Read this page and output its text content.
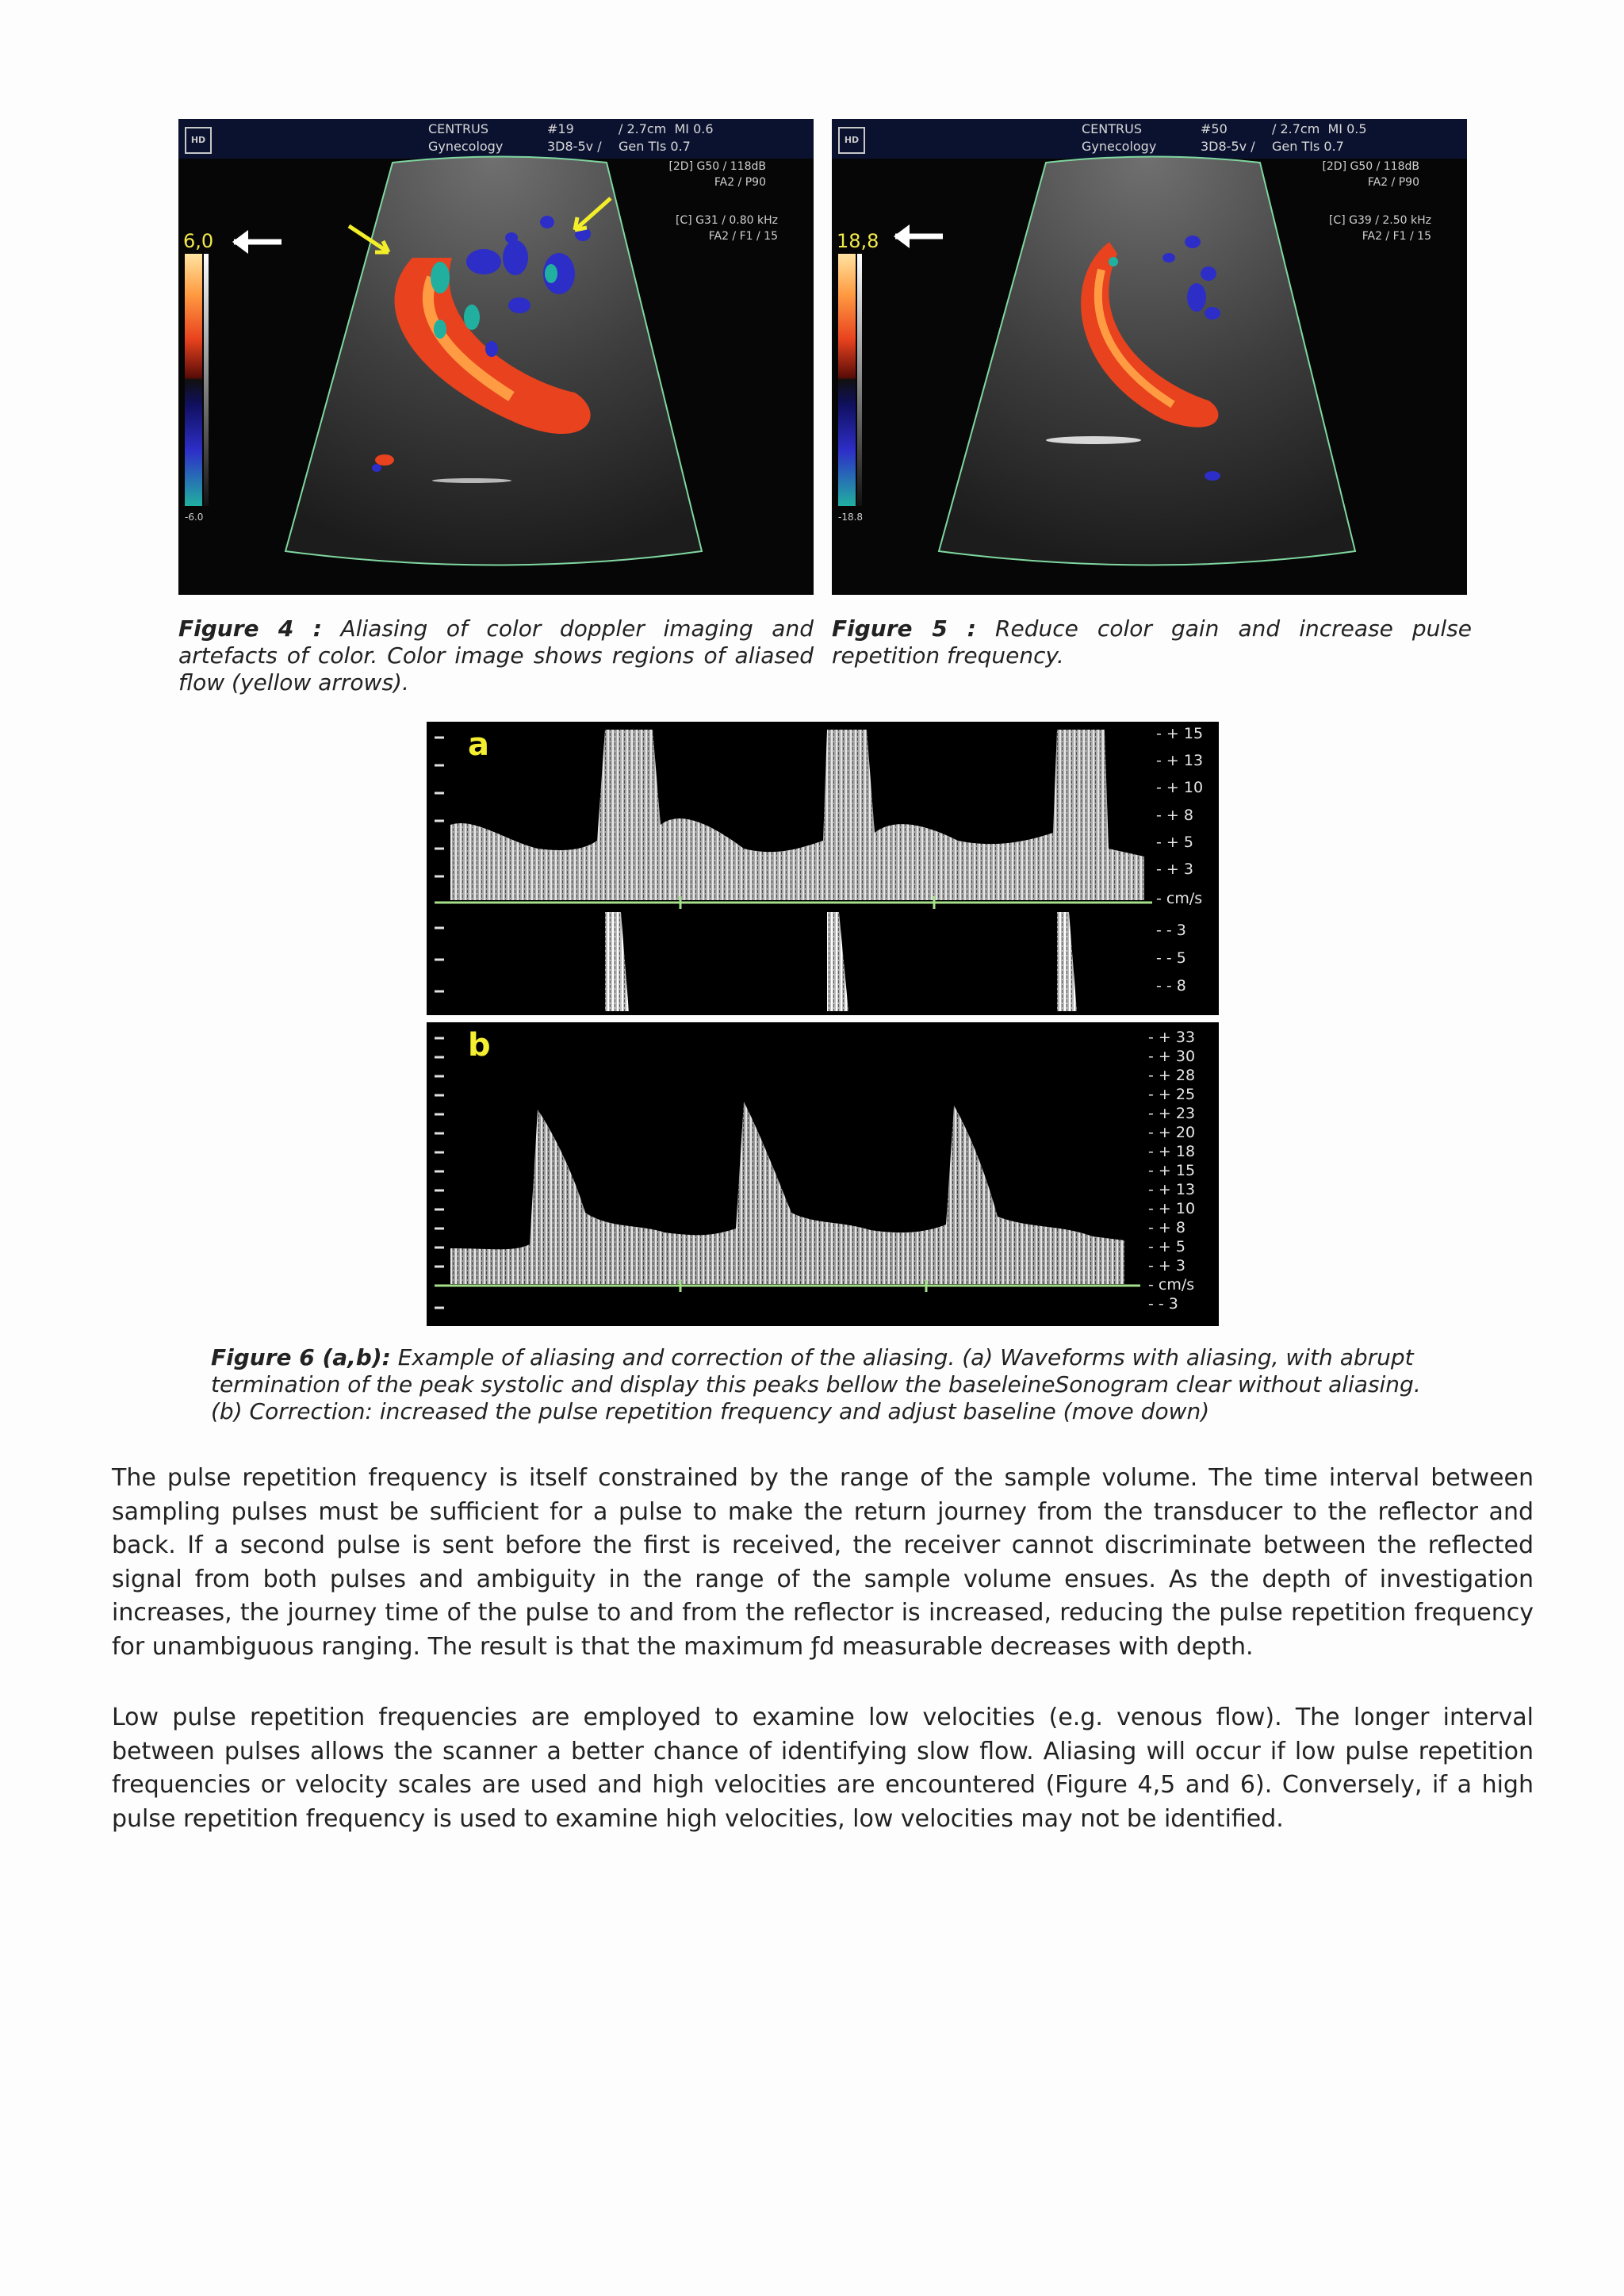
HD
CENTRUS
Gynecology
#19
3D8-5v /
/ 2.7cm  MI 0.6
Gen TIs 0.7
[2D] G50 / 118dB
FA2 / P90
[C] G31 / 0.80 kHz
FA2 / F1 / 15
6,0
-6.0
HD
CENTRUS
Gynecology
#50
3D8-5v /
/ 2.7cm  MI 0.5
Gen TIs 0.7
[2D] G50 / 118dB
FA2 / P90
[C] G39 / 2.50 kHz
FA2 / F1 / 15
18,8
-18.8
Figure 4 : Aliasing of color doppler imaging and artefacts of color. Color image shows regions of aliased flow (yellow arrows).
Figure 5 : Reduce color gain and increase pulse repetition frequency.
a	- + 15
- + 13
- + 10
- + 8
- + 5
- + 3
- cm/s
- - 3
- - 5
- - 8
b	- + 33
- + 30
- + 28
- + 25
- + 23
- + 20
- + 18
- + 15
- + 13
- + 10
- + 8
- + 5
- + 3
- cm/s
- - 3
Figure 6 (a,b): Example of aliasing and correction of the aliasing. (a) Waveforms with aliasing, with abrupt termination of the peak systolic and display this peaks bellow the baseleineSonogram clear without aliasing. (b) Correction: increased the pulse repetition frequency and adjust baseline (move down)

The pulse repetition frequency is itself constrained by the range of the sample volume. The time interval between sampling pulses must be sufficient for a pulse to make the return journey from the transducer to the reflector and back. If a second pulse is sent before the first is received, the receiver cannot discriminate between the reflected signal from both pulses and ambiguity in the range of the sample volume ensues. As the depth of investigation increases, the journey time of the pulse to and from the reflector is increased, reducing the pulse repetition frequency for unambiguous ranging. The result is that the maximum ƒd measurable decreases with depth.

Low pulse repetition frequencies are employed to examine low velocities (e.g. venous flow). The longer interval between pulses allows the scanner a better chance of identifying slow flow. Aliasing will occur if low pulse repetition frequencies or velocity scales are used and high velocities are encountered (Figure 4,5 and 6). Conversely, if a high pulse repetition frequency is used to examine high velocities, low velocities may not be identified.
